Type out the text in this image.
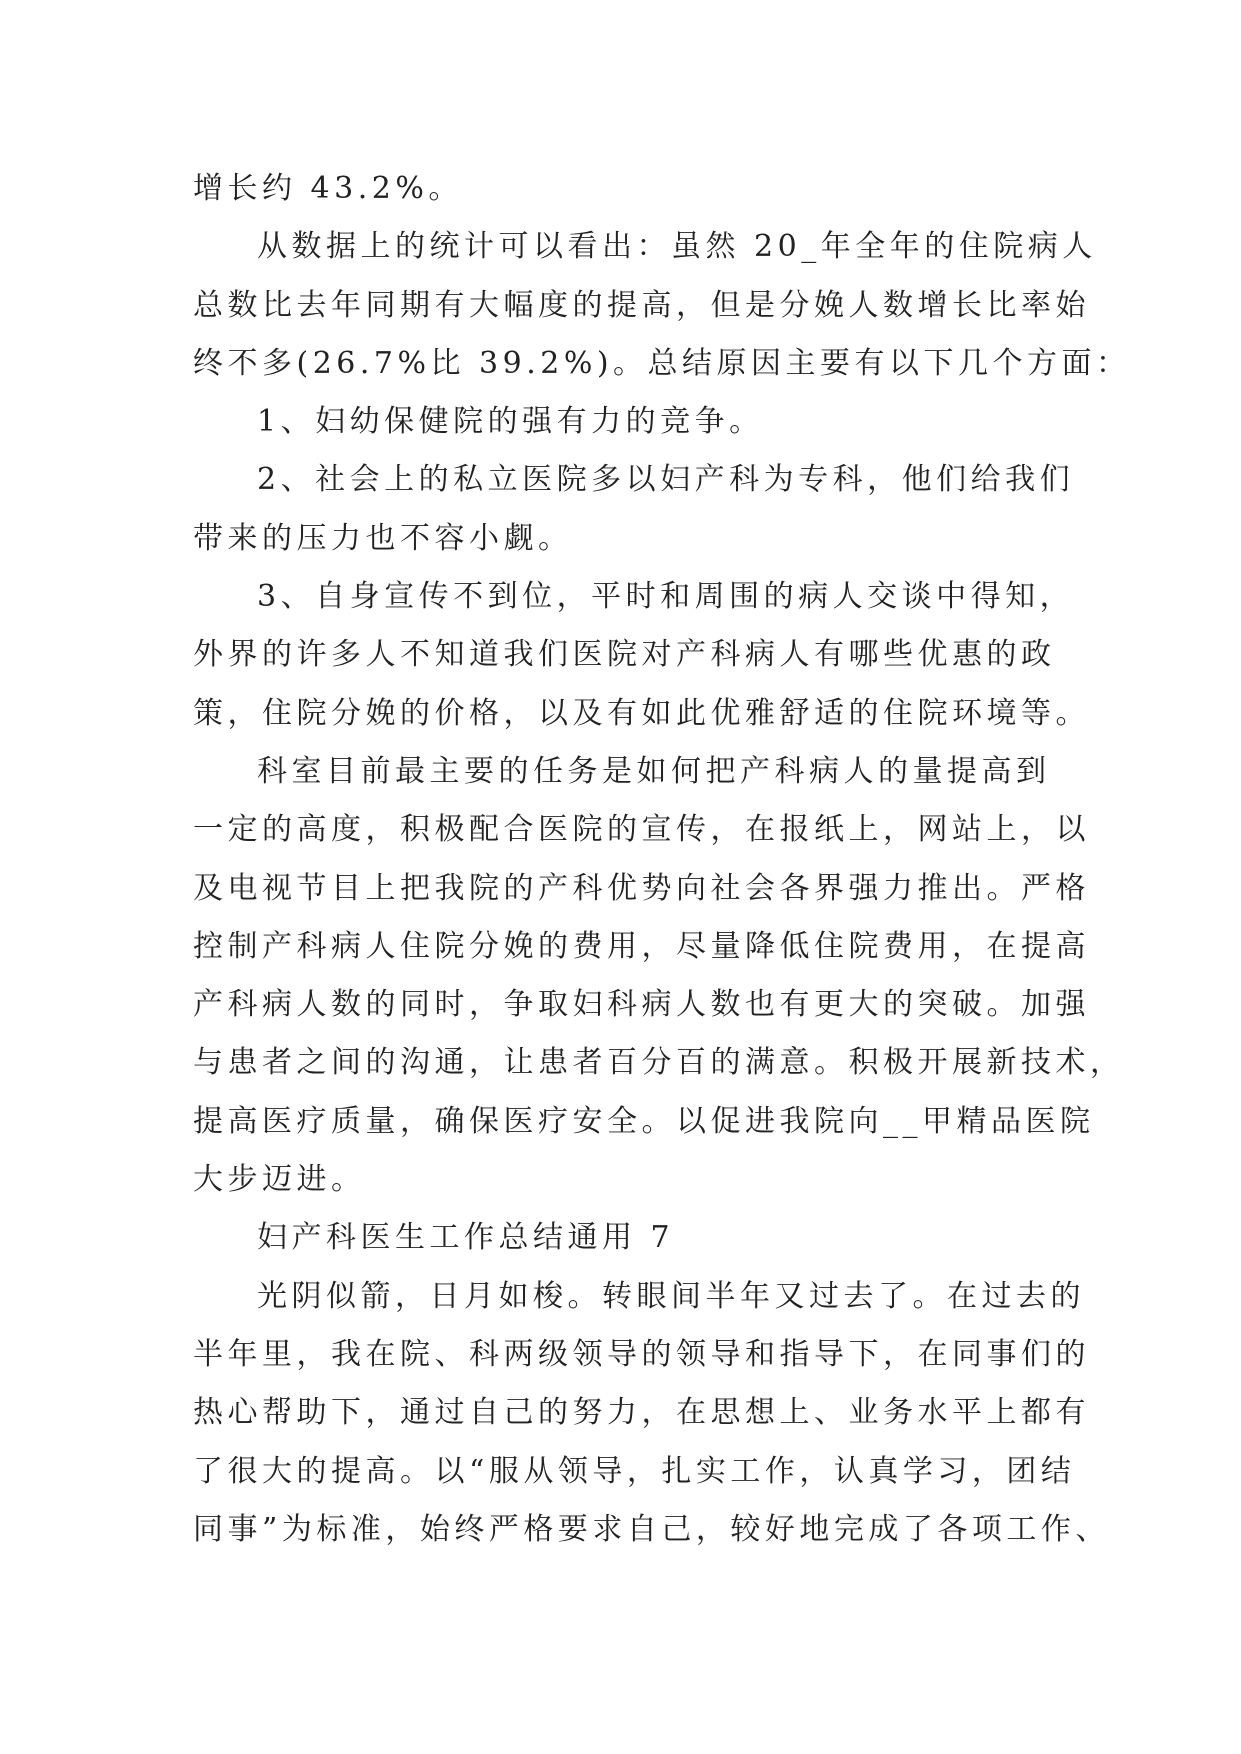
增长约 43.2%。
从数据上的统计可以看出：虽然 20_年全年的住院病人
总数比去年同期有大幅度的提高，但是分娩人数增长比率始
终不多(26.7%比 39.2%)。总结原因主要有以下几个方面：
1、妇幼保健院的强有力的竞争。
2、社会上的私立医院多以妇产科为专科，他们给我们
带来的压力也不容小觑。
3、自身宣传不到位，平时和周围的病人交谈中得知，
外界的许多人不知道我们医院对产科病人有哪些优惠的政
策，住院分娩的价格，以及有如此优雅舒适的住院环境等。
科室目前最主要的任务是如何把产科病人的量提高到
一定的高度，积极配合医院的宣传，在报纸上，网站上，以
及电视节目上把我院的产科优势向社会各界强力推出。严格
控制产科病人住院分娩的费用，尽量降低住院费用，在提高
产科病人数的同时，争取妇科病人数也有更大的突破。加强
与患者之间的沟通，让患者百分百的满意。积极开展新技术，
提高医疗质量，确保医疗安全。以促进我院向__甲精品医院
大步迈进。
妇产科医生工作总结通用 7
光阴似箭，日月如梭。转眼间半年又过去了。在过去的
半年里，我在院、科两级领导的领导和指导下，在同事们的
热心帮助下，通过自己的努力，在思想上、业务水平上都有
了很大的提高。以“服从领导，扎实工作，认真学习，团结
同事”为标准，始终严格要求自己，较好地完成了各项工作、
